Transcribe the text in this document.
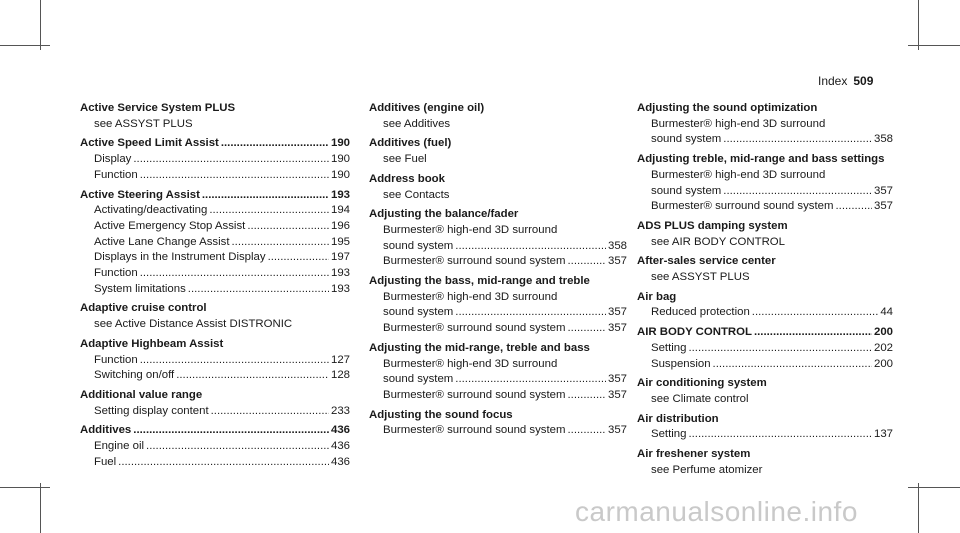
Index 509
Active Service System PLUS
see ASSYST PLUS
Active Speed Limit Assist .....	190
Display .....	190
Function .....	190
Active Steering Assist .....	193
Activating/deactivating .....	194
Active Emergency Stop Assist .....	196
Active Lane Change Assist .....	195
Displays in the Instrument Display .....	197
Function .....	193
System limitations .....	193
Adaptive cruise control
see Active Distance Assist DISTRONIC
Adaptive Highbeam Assist
Function .....	127
Switching on/off .....	128
Additional value range
Setting display content .....	233
Additives .....	436
Engine oil .....	436
Fuel .....	436
Additives (engine oil)
see Additives
Additives (fuel)
see Fuel
Address book
see Contacts
Adjusting the balance/fader
Burmester® high-end 3D surround
sound system .....	358
Burmester® surround sound system .....	357
Adjusting the bass, mid-range and treble
Burmester® high-end 3D surround
sound system .....	357
Burmester® surround sound system .....	357
Adjusting the mid-range, treble and bass
Burmester® high-end 3D surround
sound system .....	357
Burmester® surround sound system .....	357
Adjusting the sound focus
Burmester® surround sound system .....	357
Adjusting the sound optimization
Burmester® high-end 3D surround
sound system .....	358
Adjusting treble, mid-range and bass settings
Burmester® high-end 3D surround
sound system .....	357
Burmester® surround sound system .....	357
ADS PLUS damping system
see AIR BODY CONTROL
After-sales service center
see ASSYST PLUS
Air bag
Reduced protection .....	44
AIR BODY CONTROL .....	200
Setting .....	202
Suspension .....	200
Air conditioning system
see Climate control
Air distribution
Setting .....	137
Air freshener system
see Perfume atomizer
carmanualsonline.info
